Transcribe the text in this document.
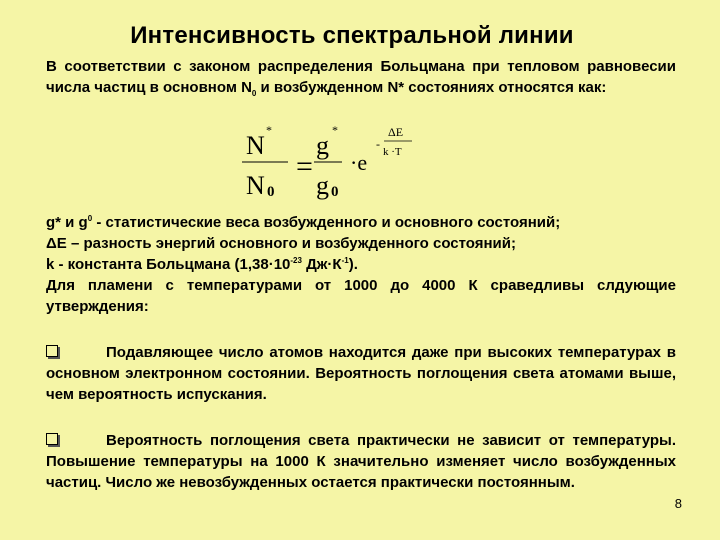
Интенсивность спектральной линии
В соответствии с законом распределения Больцмана при тепловом равновесии числа частиц в основном $N_0$ и возбужденном N* состояниях относятся как:
N
*
N 0
=
g
*
g 0
·e
-
ΔE
k ·T
g* и $g^0$ - статистические веса возбужденного и основного состояний;
ΔE – разность энергий основного и возбужденного состояний;
k - константа Больцмана ($1,38\cdot 10^{-23}$ $Дж\cdot К^{-1}$).
Для пламени с температурами от 1000 до 4000 К сраведливы слдующие утверждения:
Подавляющее число атомов находится даже при высоких температурах в основном электронном состоянии. Вероятность поглощения света атомами выше, чем вероятность испускания.
Вероятность поглощения света практически не зависит от температуры. Повышение температуры на 1000 К значительно изменяет число возбужденных частиц. Число же невозбужденных остается практически постоянным.
8
